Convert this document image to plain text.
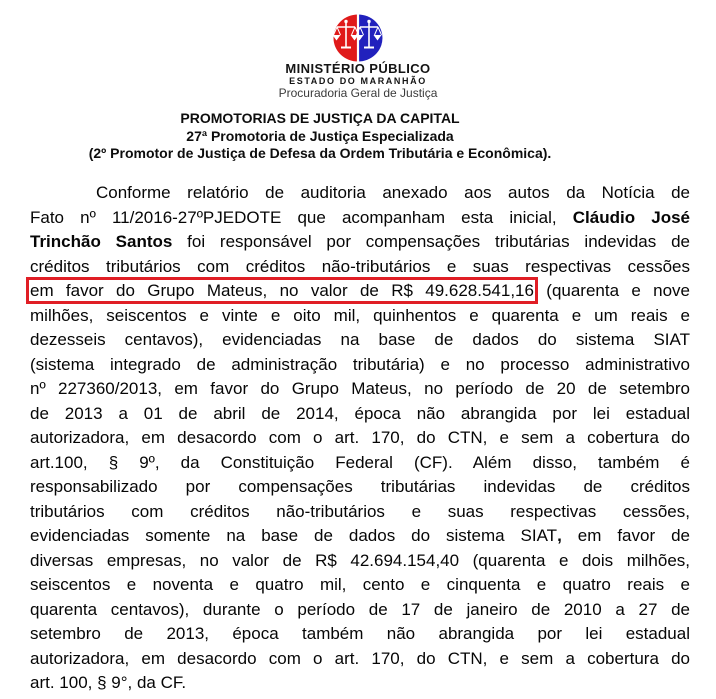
MINISTÉRIO PÚBLICO
ESTADO DO MARANHÃO
Procuradoria Geral de Justiça
PROMOTORIAS DE JUSTIÇA DA CAPITAL
27ª Promotoria de Justiça Especializada
(2º Promotor de Justiça de Defesa da Ordem Tributária e Econômica).
Conforme relatório de auditoria anexado aos autos da Notícia de
Fato nº 11/2016-27ºPJEDOTE que acompanham esta inicial, Cláudio José
Trinchão Santos foi responsável por compensações tributárias indevidas de
créditos tributários com créditos não-tributários e suas respectivas cessões
em favor do Grupo Mateus, no valor de R$ 49.628.541,16 (quarenta e nove
milhões, seiscentos e vinte e oito mil, quinhentos e quarenta e um reais e
dezesseis centavos), evidenciadas na base de dados do sistema SIAT
(sistema integrado de administração tributária) e no processo administrativo
nº 227360/2013, em favor do Grupo Mateus, no período de 20 de setembro
de 2013 a 01 de abril de 2014, época não abrangida por lei estadual
autorizadora, em desacordo com o art. 170, do CTN, e sem a cobertura do
art.100, § 9º, da Constituição Federal (CF). Além disso, também é
responsabilizado por compensações tributárias indevidas de créditos
tributários com créditos não-tributários e suas respectivas cessões,
evidenciadas somente na base de dados do sistema SIAT, em favor de
diversas empresas, no valor de R$ 42.694.154,40 (quarenta e dois milhões,
seiscentos e noventa e quatro mil, cento e cinquenta e quatro reais e
quarenta centavos), durante o período de 17 de janeiro de 2010 a 27 de
setembro de 2013, época também não abrangida por lei estadual
autorizadora, em desacordo com o art. 170, do CTN, e sem a cobertura do
art. 100, § 9°, da CF.
